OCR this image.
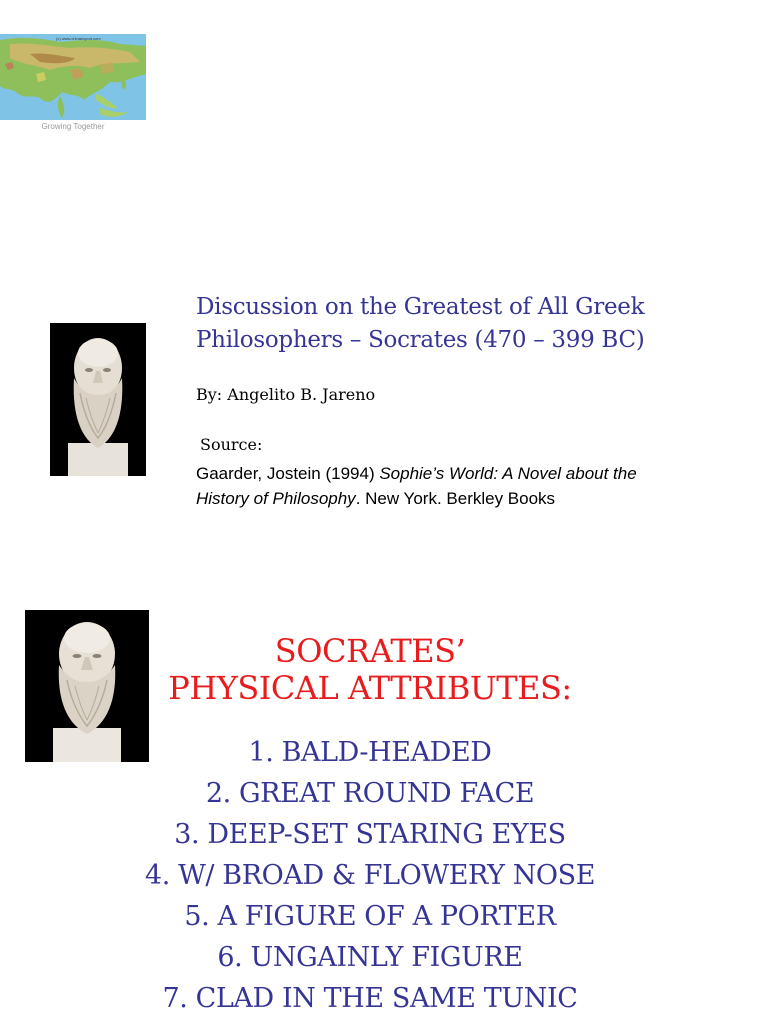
(c) www.chinaexport.com
Growing Together
Discussion on the Greatest of All Greek
Philosophers – Socrates (470 – 399 BC)
By: Angelito B. Jareno
Source:
Gaarder, Jostein (1994) Sophie’s World: A Novel about the
History of Philosophy. New York. Berkley Books
SOCRATES’
PHYSICAL ATTRIBUTES:
1. BALD-HEADED
2. GREAT ROUND FACE
3. DEEP-SET STARING EYES
4. W/ BROAD & FLOWERY NOSE
5. A FIGURE OF A PORTER
6. UNGAINLY FIGURE
7. CLAD IN THE SAME TUNIC
